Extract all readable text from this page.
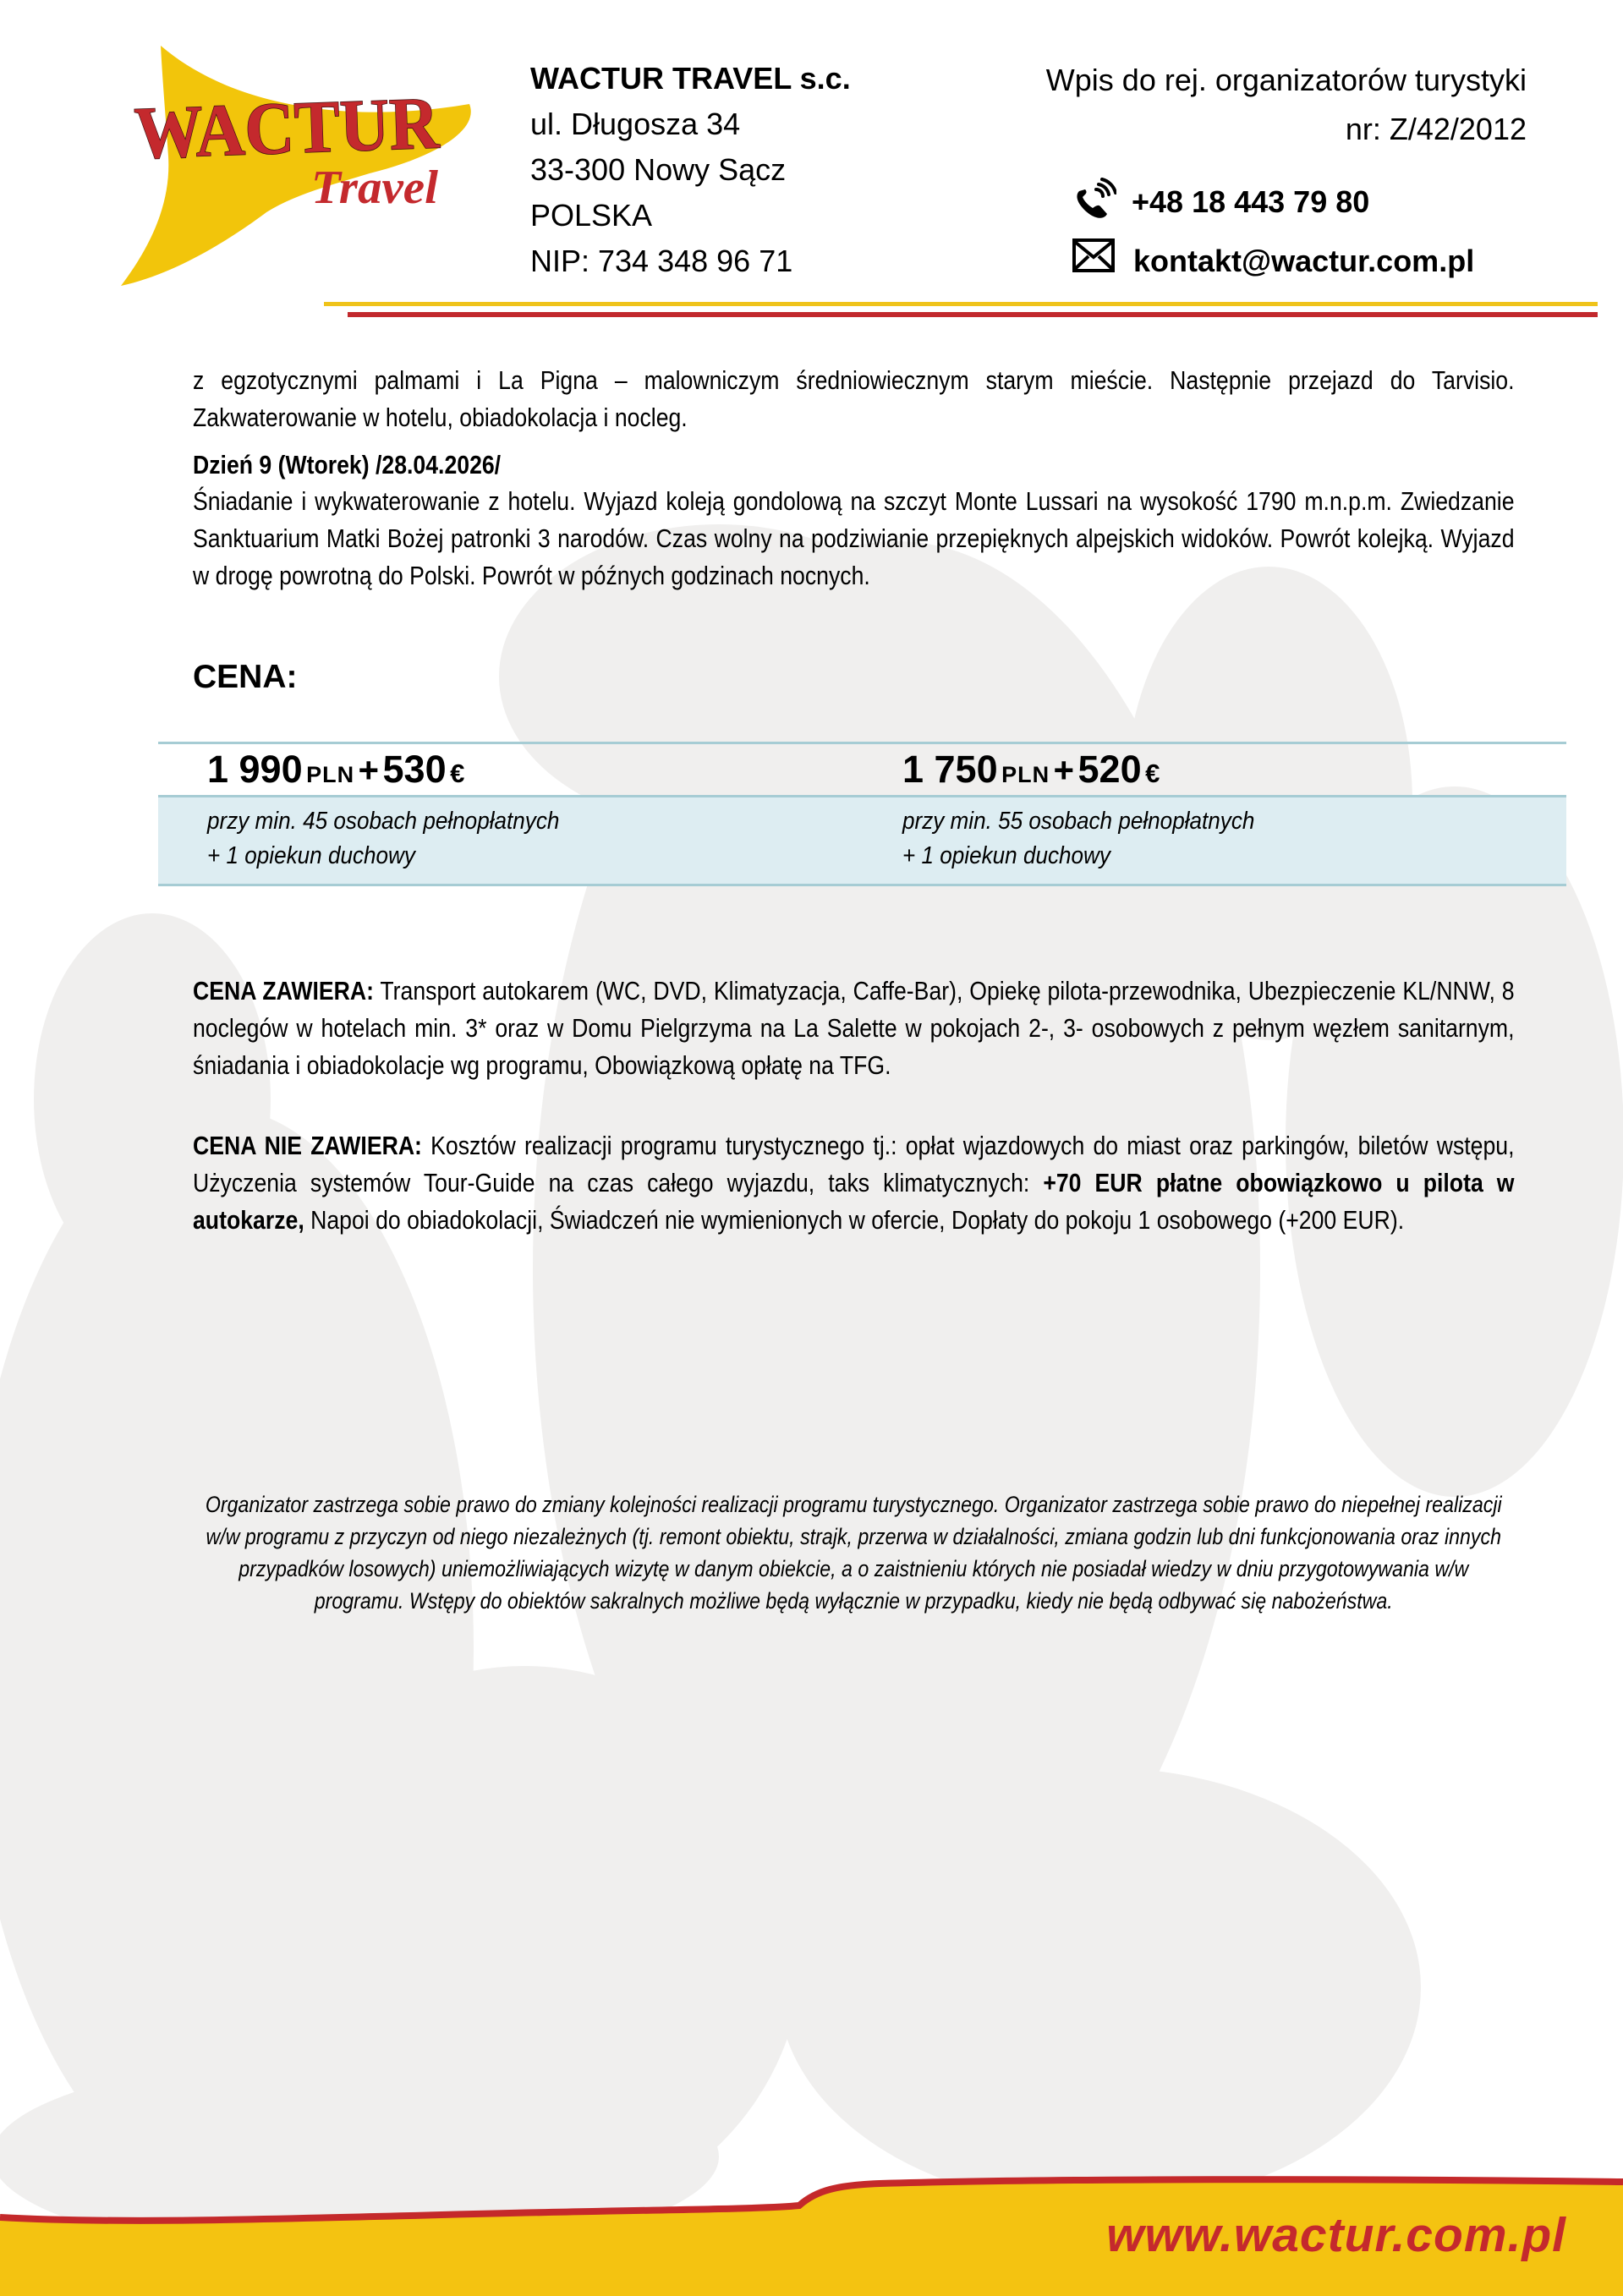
WACTUR
Travel
WACTUR TRAVEL s.c.
ul. Długosza 34
33-300 Nowy Sącz
POLSKA
NIP: 734 348 96 71
Wpis do rej. organizatorów turystyki
nr: Z/42/2012
+48 18 443 79 80
kontakt@wactur.com.pl
z egzotycznymi palmami i La Pigna – malowniczym średniowiecznym starym mieście. Następnie przejazd do Tarvisio. Zakwaterowanie w hotelu, obiadokolacja i nocleg.
Dzień 9 (Wtorek) /28.04.2026/
Śniadanie i wykwaterowanie z hotelu. Wyjazd koleją gondolową na szczyt Monte Lussari na wysokość 1790 m.n.p.m. Zwiedzanie Sanktuarium Matki Bożej patronki 3 narodów. Czas wolny na podziwianie przepięknych alpejskich widoków. Powrót kolejką. Wyjazd w drogę powrotną do Polski. Powrót w późnych godzinach nocnych.
CENA:
1 990 PLN + 530 €	1 750 PLN + 520 €
przy min. 45 osobach pełnopłatnych
+ 1 opiekun duchowy
przy min. 55 osobach pełnopłatnych
+ 1 opiekun duchowy
CENA ZAWIERA: Transport autokarem (WC, DVD, Klimatyzacja, Caffe-Bar), Opiekę pilota-przewodnika, Ubezpieczenie KL/NNW, 8 noclegów w hotelach min. 3* oraz w Domu Pielgrzyma na La Salette w pokojach 2-, 3- osobowych z pełnym węzłem sanitarnym, śniadania i obiadokolacje wg programu, Obowiązkową opłatę na TFG.
CENA NIE ZAWIERA: Kosztów realizacji programu turystycznego tj.: opłat wjazdowych do miast oraz parkingów, biletów wstępu, Użyczenia systemów Tour-Guide na czas całego wyjazdu, taks klimatycznych: +70 EUR płatne obowiązkowo u pilota w autokarze, Napoi do obiadokolacji, Świadczeń nie wymienionych w ofercie, Dopłaty do pokoju 1 osobowego (+200 EUR).
Organizator zastrzega sobie prawo do zmiany kolejności realizacji programu turystycznego. Organizator zastrzega sobie prawo do niepełnej realizacji w/w programu z przyczyn od niego niezależnych (tj. remont obiektu, strajk, przerwa w działalności, zmiana godzin lub dni funkcjonowania oraz innych przypadków losowych) uniemożliwiających wizytę w danym obiekcie, a o zaistnieniu których nie posiadał wiedzy w dniu przygotowywania w/w programu. Wstępy do obiektów sakralnych możliwe będą wyłącznie w przypadku, kiedy nie będą odbywać się nabożeństwa.
www.wactur.com.pl
